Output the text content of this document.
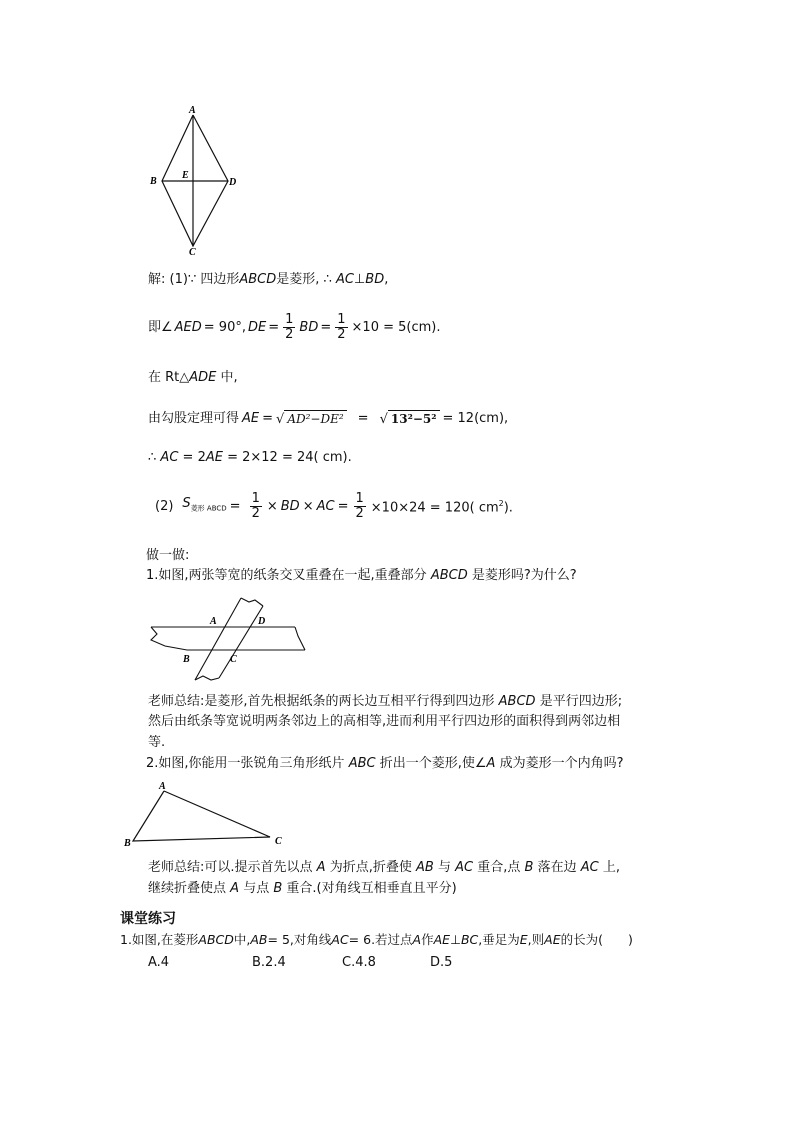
A
B
E
D
C
解: (1)∵ 四边形ABCD是菱形, ∴ AC⊥BD,
即∠ AED = 90°, DE = $\frac{1}{2}$ BD = $\frac{1}{2} \times 10 = 5(cm)$.
在 Rt△ADE 中,
由勾股定理可得 AE = √ AD²−DE² = √ 13²−5² = 12(cm),
∴ AC = 2AE = 2×12 = 24( cm).
(2) $S_{菱形 ABCD} = \frac{1}{2}$ × BD × AC = $\frac{1}{2} \times 10\times 24 = 120$( $cm^2$).
做一做:
1.如图,两张等宽的纸条交叉重叠在一起,重叠部分 ABCD 是菱形吗?为什么?
A	D
B	C
老师总结:是菱形,首先根据纸条的两长边互相平行得到四边形 ABCD 是平行四边形;
然后由纸条等宽说明两条邻边上的高相等,进而利用平行四边形的面积得到两邻边相
等.
2.如图,你能用一张锐角三角形纸片 ABC 折出一个菱形,使∠A 成为菱形一个内角吗?
A
B	C
老师总结:可以.提示首先以点 A 为折点,折叠使 AB 与 AC 重合,点 B 落在边 AC 上,
继续折叠使点 A 与点 B 重合.(对角线互相垂直且平分)
课堂练习
1.如图,在菱形ABCD中,AB= 5,对角线AC= 6.若过点A作AE⊥BC,垂足为E,则AE的长为(　　)
A.4	B.2.4	C.4.8	D.5
